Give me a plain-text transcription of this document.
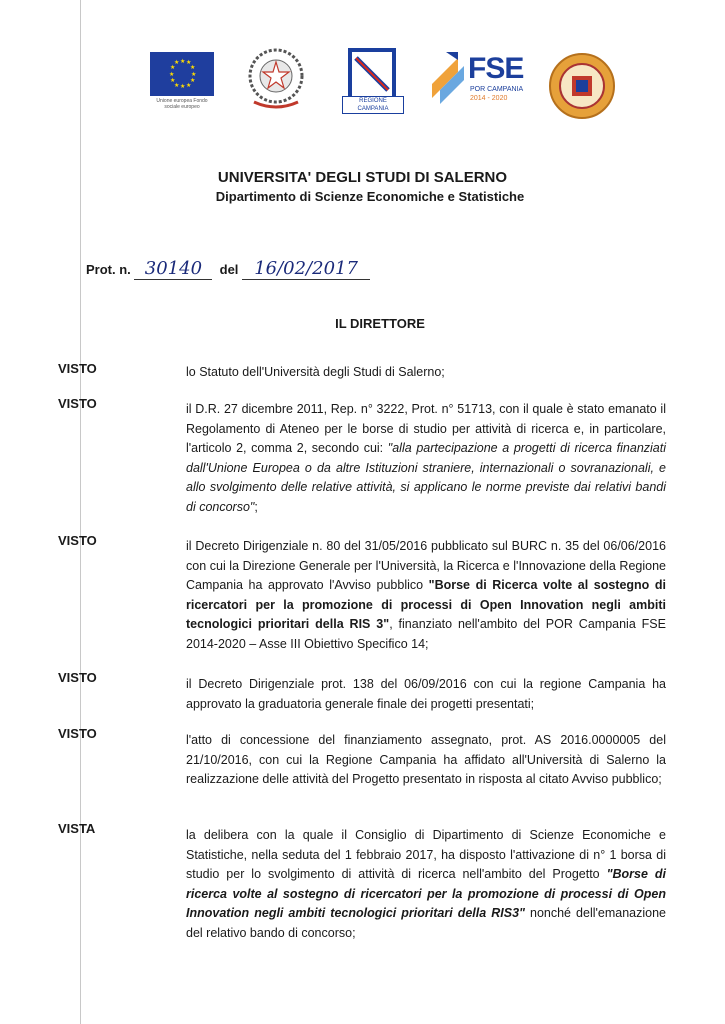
★ ★
★
★
★
★
★
★
★
★
★
★
Unione europea Fondo sociale europeo
REGIONE CAMPANIA
FSE
POR CAMPANIA
2014 - 2020
UNIVERSITA' DEGLI STUDI DI SALERNO
Dipartimento di Scienze Economiche e Statistiche
Prot. n. 30140 del 16/02/2017
IL DIRETTORE
VISTO	lo Statuto dell'Università degli Studi di Salerno;
VISTO	il D.R. 27 dicembre 2011, Rep. n° 3222, Prot. n° 51713, con il quale è stato emanato il Regolamento di Ateneo per le borse di studio per attività di ricerca e, in particolare, l'articolo 2, comma 2, secondo cui: "alla partecipazione a progetti di ricerca finanziati dall'Unione Europea o da altre Istituzioni straniere, internazionali o sovranazionali, e allo svolgimento delle relative attività, si applicano le norme previste dai relativi bandi di concorso";
VISTO	il Decreto Dirigenziale n. 80 del 31/05/2016 pubblicato sul BURC n. 35 del 06/06/2016 con cui la Direzione Generale per l'Università, la Ricerca e l'Innovazione della Regione Campania ha approvato l'Avviso pubblico "Borse di Ricerca volte al sostegno di ricercatori per la promozione di processi di Open Innovation negli ambiti tecnologici prioritari della RIS 3", finanziato nell'ambito del POR Campania FSE 2014-2020 – Asse III Obiettivo Specifico 14;
VISTO	il Decreto Dirigenziale prot. 138 del 06/09/2016 con cui la regione Campania ha approvato la graduatoria generale finale dei progetti presentati;
VISTO	l'atto di concessione del finanziamento assegnato, prot. AS 2016.0000005 del 21/10/2016, con cui la Regione Campania ha affidato all'Università di Salerno la realizzazione delle attività del Progetto presentato in risposta al citato Avviso pubblico;
VISTA	la delibera con la quale il Consiglio di Dipartimento di Scienze Economiche e Statistiche, nella seduta del 1 febbraio 2017, ha disposto l'attivazione di n° 1 borsa di studio per lo svolgimento di attività di ricerca nell'ambito del Progetto "Borse di ricerca volte al sostegno di ricercatori per la promozione di processi di Open Innovation negli ambiti tecnologici prioritari della RIS3" nonché dell'emanazione del relativo bando di concorso;
